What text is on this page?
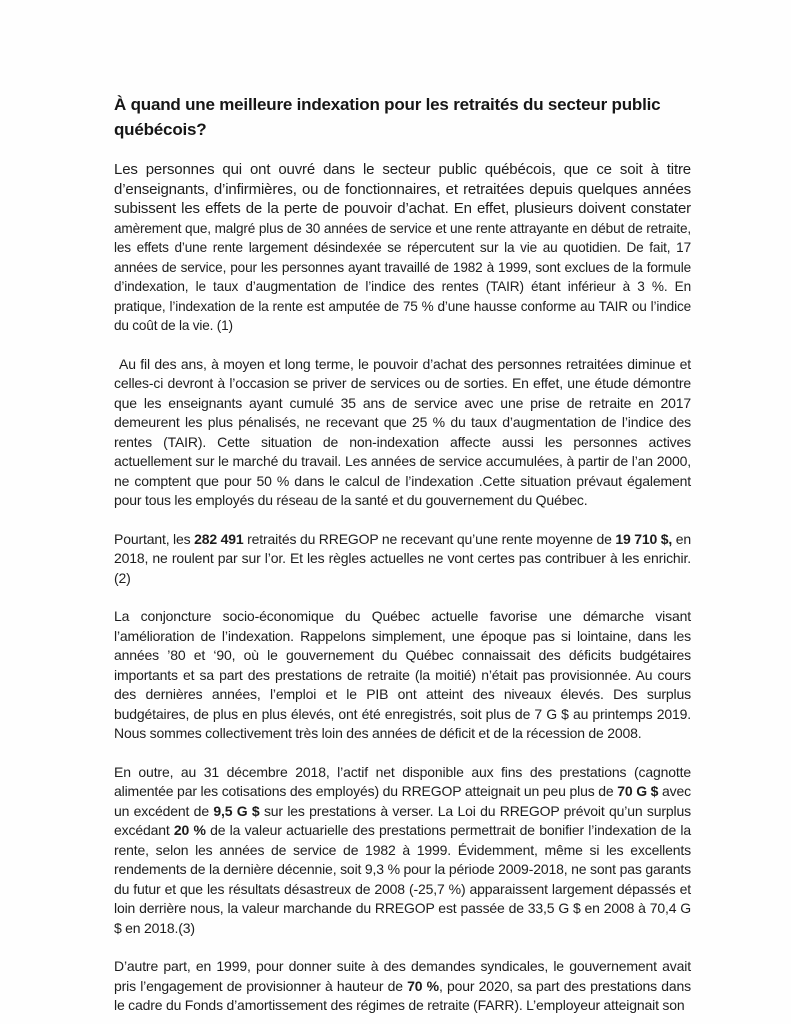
À quand une meilleure indexation pour les retraités du secteur public québécois?

Les personnes qui ont ouvré dans le secteur public québécois, que ce soit à titre d’enseignants, d’infirmières, ou de fonctionnaires, et retraitées depuis quelques années subissent les effets de la perte de pouvoir d’achat. En effet, plusieurs doivent constater amèrement que, malgré plus de 30 années de service et une rente attrayante en début de retraite, les effets d’une rente largement désindexée se répercutent sur la vie au quotidien. De fait, 17 années de service, pour les personnes ayant travaillé de 1982 à 1999, sont exclues de la formule d’indexation, le taux d’augmentation de l’indice des rentes (TAIR) étant inférieur à 3 %. En pratique, l’indexation de la rente est amputée de 75 % d’une hausse conforme au TAIR ou l’indice du coût de la vie. (1)

Au fil des ans, à moyen et long terme, le pouvoir d’achat des personnes retraitées diminue et celles-ci devront à l’occasion se priver de services ou de sorties. En effet, une étude démontre que les enseignants ayant cumulé 35 ans de service avec une prise de retraite en 2017 demeurent les plus pénalisés, ne recevant que 25 % du taux d’augmentation de l’indice des rentes (TAIR). Cette situation de non-indexation affecte aussi les personnes actives actuellement sur le marché du travail. Les années de service accumulées, à partir de l’an 2000, ne comptent que pour 50 % dans le calcul de l’indexation .Cette situation prévaut également pour tous les employés du réseau de la santé et du gouvernement du Québec.

Pourtant, les 282 491 retraités du RREGOP ne recevant qu’une rente moyenne de 19 710 $, en 2018, ne roulent par sur l’or. Et les règles actuelles ne vont certes pas contribuer à les enrichir.(2)

La conjoncture socio-économique du Québec actuelle favorise une démarche visant l’amélioration de l’indexation. Rappelons simplement, une époque pas si lointaine, dans les années ’80 et ‘90, où le gouvernement du Québec connaissait des déficits budgétaires importants et sa part des prestations de retraite (la moitié) n’était pas provisionnée. Au cours des dernières années, l’emploi et le PIB ont atteint des niveaux élevés. Des surplus budgétaires, de plus en plus élevés, ont été enregistrés, soit plus de 7 G $ au printemps 2019. Nous sommes collectivement très loin des années de déficit et de la récession de 2008.

En outre, au 31 décembre 2018, l’actif net disponible aux fins des prestations (cagnotte alimentée par les cotisations des employés) du RREGOP atteignait un peu plus de 70 G $ avec un excédent de 9,5 G $ sur les prestations à verser. La Loi du RREGOP prévoit qu’un surplus excédant 20 % de la valeur actuarielle des prestations permettrait de bonifier l’indexation de la rente, selon les années de service de 1982 à 1999. Évidemment, même si les excellents rendements de la dernière décennie, soit 9,3 % pour la période 2009-2018, ne sont pas garants du futur et que les résultats désastreux de 2008 (-25,7 %) apparaissent largement dépassés et loin derrière nous, la valeur marchande du RREGOP est passée de 33,5 G $ en 2008 à 70,4 G $ en 2018.(3)

D’autre part, en 1999, pour donner suite à des demandes syndicales, le gouvernement avait pris l’engagement de provisionner à hauteur de 70 %, pour 2020, sa part des prestations dans le cadre du Fonds d’amortissement des régimes de retraite (FARR). L’employeur atteignait son
